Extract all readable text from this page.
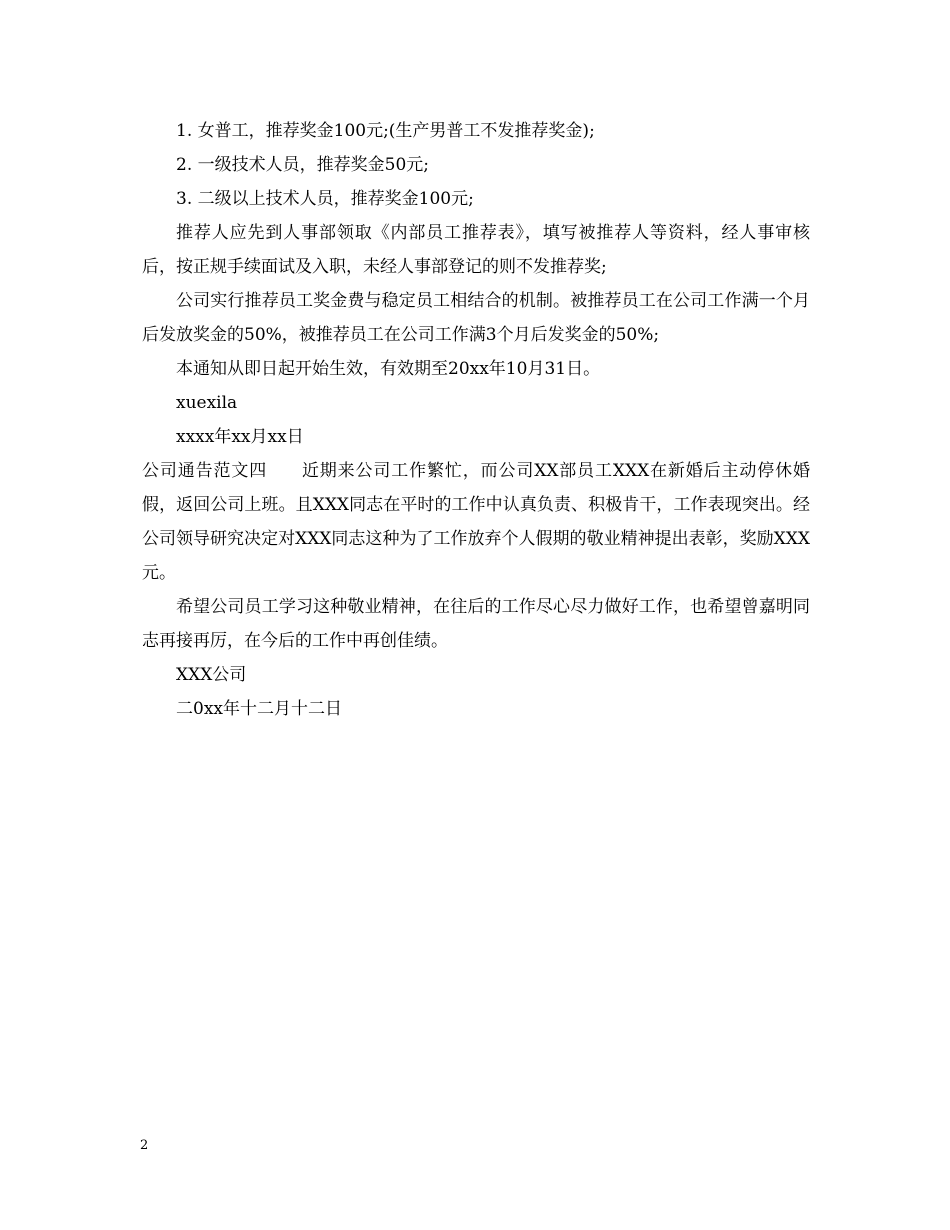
1. 女普工，推荐奖金100元;(生产男普工不发推荐奖金);

2. 一级技术人员，推荐奖金50元;

3. 二级以上技术人员，推荐奖金100元;

推荐人应先到人事部领取《内部员工推荐表》，填写被推荐人等资料，经人事审核后，按正规手续面试及入职，未经人事部登记的则不发推荐奖;

公司实行推荐员工奖金费与稳定员工相结合的机制。被推荐员工在公司工作满一个月后发放奖金的50%，被推荐员工在公司工作满3个月后发奖金的50%;

本通知从即日起开始生效，有效期至20xx年10月31日。

xuexila

xxxx年xx月xx日

公司通告范文四 近期来公司工作繁忙，而公司XX部员工XXX在新婚后主动停休婚假，返回公司上班。且XXX同志在平时的工作中认真负责、积极肯干，工作表现突出。经公司领导研究决定对XXX同志这种为了工作放弃个人假期的敬业精神提出表彰，奖励XXX元。

希望公司员工学习这种敬业精神，在往后的工作尽心尽力做好工作，也希望曾嘉明同志再接再厉，在今后的工作中再创佳绩。

XXX公司

二0xx年十二月十二日

2
